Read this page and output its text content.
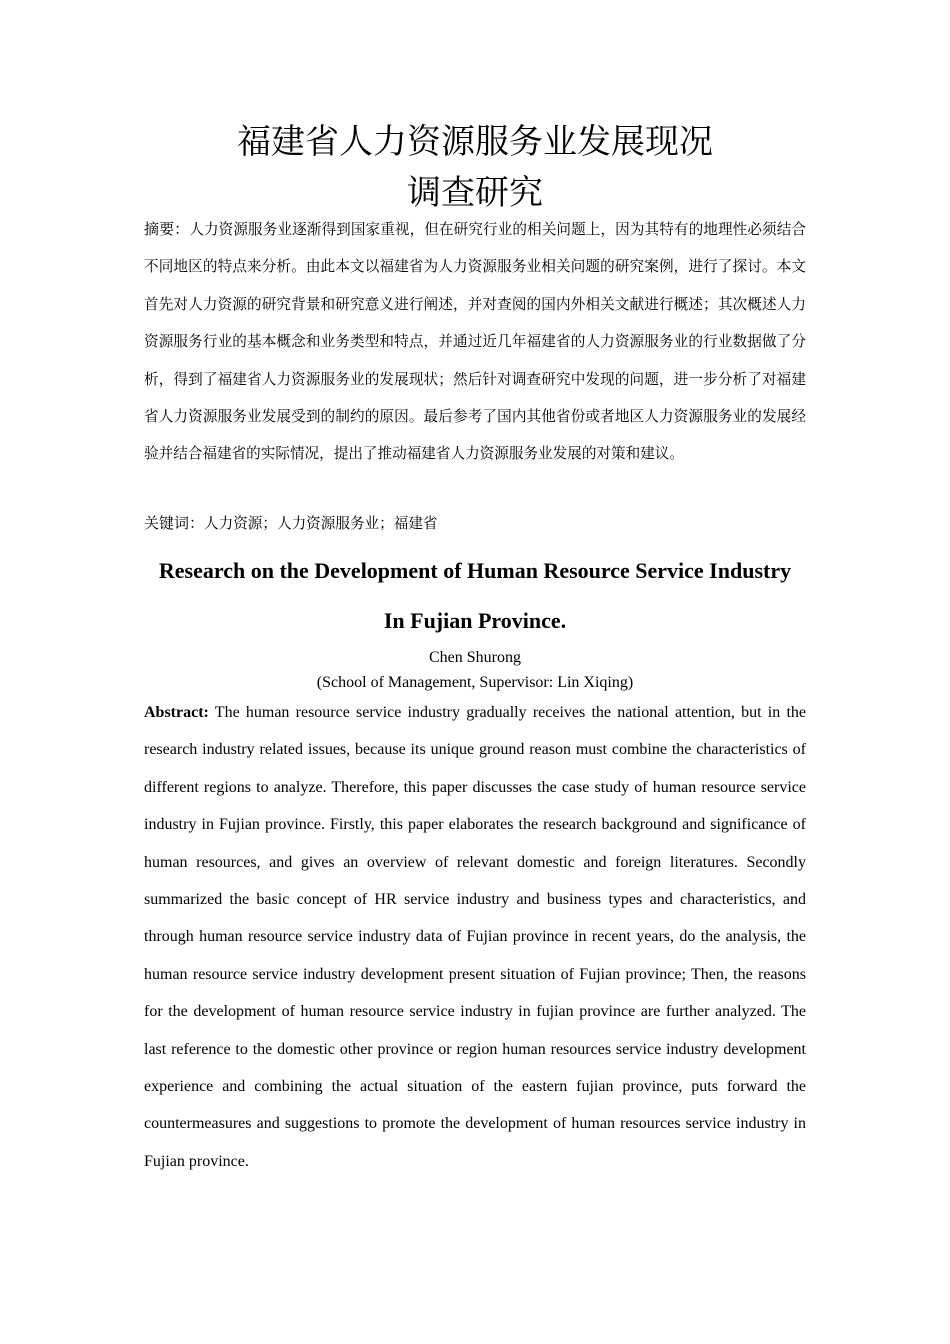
福建省人力资源服务业发展现况
调查研究

摘要：人力资源服务业逐渐得到国家重视，但在研究行业的相关问题上，因为其特有的地理性必须结合不同地区的特点来分析。由此本文以福建省为人力资源服务业相关问题的研究案例，进行了探讨。本文首先对人力资源的研究背景和研究意义进行阐述，并对查阅的国内外相关文献进行概述；其次概述人力资源服务行业的基本概念和业务类型和特点，并通过近几年福建省的人力资源服务业的行业数据做了分析，得到了福建省人力资源服务业的发展现状；然后针对调查研究中发现的问题，进一步分析了对福建省人力资源服务业发展受到的制约的原因。最后参考了国内其他省份或者地区人力资源服务业的发展经验并结合福建省的实际情况，提出了推动福建省人力资源服务业发展的对策和建议。

关键词：人力资源；人力资源服务业；福建省

Research on the Development of Human Resource Service Industry
In Fujian Province.

Chen Shurong

(School of Management, Supervisor: Lin Xiqing)

Abstract: The human resource service industry gradually receives the national attention, but in the research industry related issues, because its unique ground reason must combine the characteristics of different regions to analyze. Therefore, this paper discusses the case study of human resource service industry in Fujian province. Firstly, this paper elaborates the research background and significance of human resources, and gives an overview of relevant domestic and foreign literatures. Secondly summarized the basic concept of HR service industry and business types and characteristics, and through human resource service industry data of Fujian province in recent years, do the analysis, the human resource service industry development present situation of Fujian province; Then, the reasons for the development of human resource service industry in fujian province are further analyzed. The last reference to the domestic other province or region human resources service industry development experience and combining the actual situation of the eastern fujian province, puts forward the countermeasures and suggestions to promote the development of human resources service industry in Fujian province.
